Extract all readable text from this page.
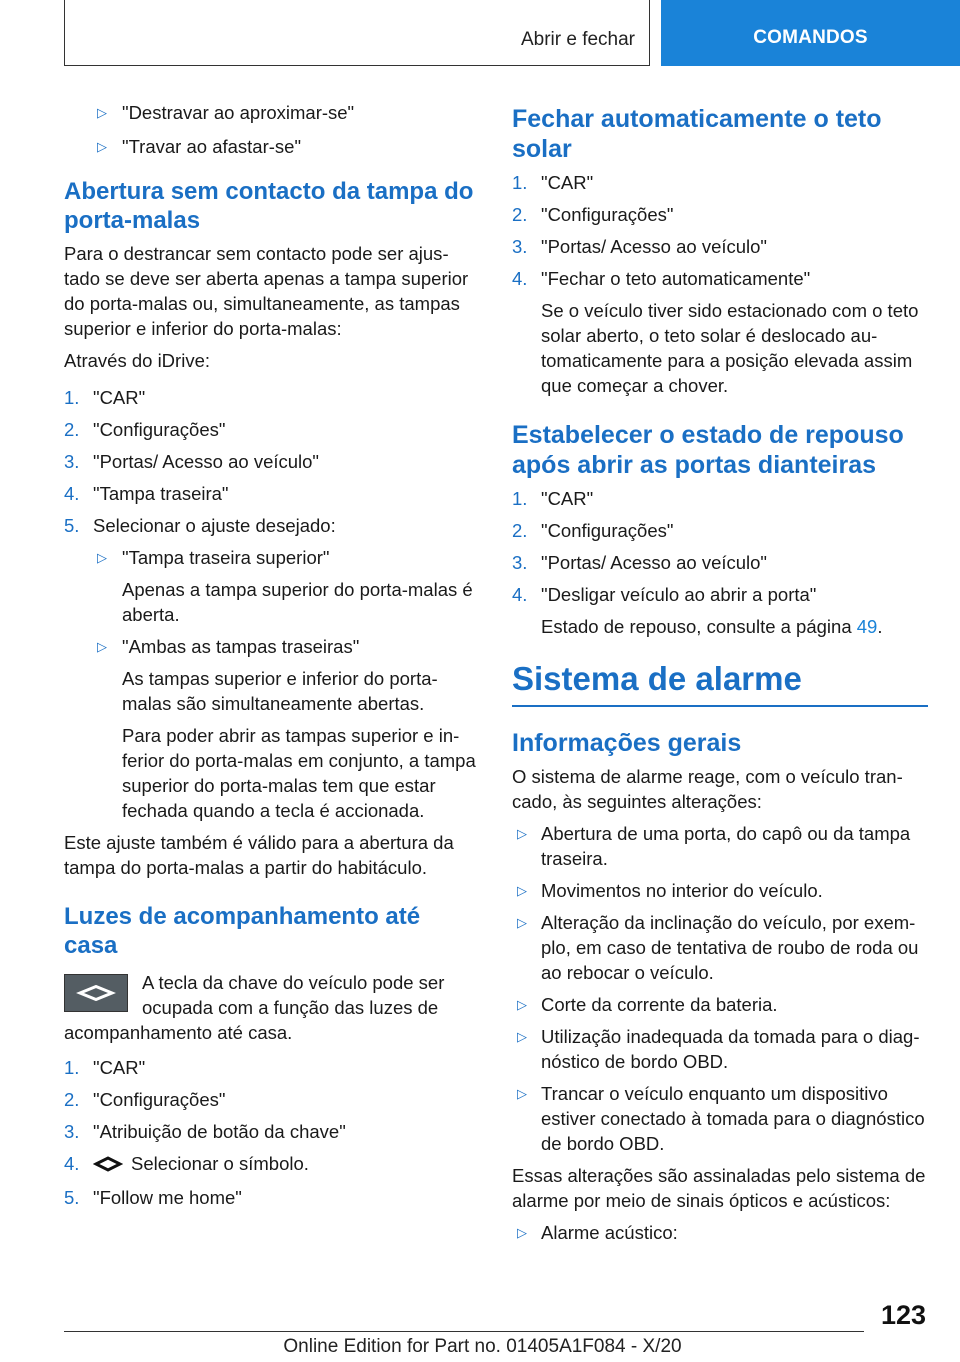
Abrir e fechar	COMANDOS
▷ "Destravar ao aproximar-se"
▷ "Travar ao afastar-se"
Abertura sem contacto da tampa do porta-malas

Para o destrancar sem contacto pode ser ajustado se deve ser aberta apenas a tampa superior do porta-malas ou, simultaneamente, as tampas superior e inferior do porta-malas:

Através do iDrive:

1. "CAR"
2. "Configurações"
3. "Portas/ Acesso ao veículo"
4. "Tampa traseira"
5. Selecionar o ajuste desejado:
▷ "Tampa traseira superior"
Apenas a tampa superior do porta-malas é aberta.
▷ "Ambas as tampas traseiras"
As tampas superior e inferior do porta-malas são simultaneamente abertas.
Para poder abrir as tampas superior e inferior do porta-malas em conjunto, a tampa superior do porta-malas tem que estar fechada quando a tecla é accionada.

Este ajuste também é válido para a abertura da tampa do porta-malas a partir do habitáculo.

Luzes de acompanhamento até casa

A tecla da chave do veículo pode ser ocupada com a função das luzes de acompanhamento até casa.

1. "CAR"
2. "Configurações"
3. "Atribuição de botão da chave"
4.	Selecionar o símbolo.
5. "Follow me home"
Fechar automaticamente o teto solar
1. "CAR"
2. "Configurações"
3. "Portas/ Acesso ao veículo"
4. "Fechar o teto automaticamente"
Se o veículo tiver sido estacionado com o teto solar aberto, o teto solar é deslocado automaticamente para a posição elevada assim que começar a chover.
Estabelecer o estado de repouso após abrir as portas dianteiras
1. "CAR"
2. "Configurações"
3. "Portas/ Acesso ao veículo"
4. "Desligar veículo ao abrir a porta"
Estado de repouso, consulte a página 49.
Sistema de alarme
Informações gerais

O sistema de alarme reage, com o veículo trancado, às seguintes alterações:

▷ Abertura de uma porta, do capô ou da tampa traseira.
▷ Movimentos no interior do veículo.
▷ Alteração da inclinação do veículo, por exemplo, em caso de tentativa de roubo de roda ou ao rebocar o veículo.
▷ Corte da corrente da bateria.
▷ Utilização inadequada da tomada para o diagnóstico de bordo OBD.
▷ Trancar o veículo enquanto um dispositivo estiver conectado à tomada para o diagnóstico de bordo OBD.

Essas alterações são assinaladas pelo sistema de alarme por meio de sinais ópticos e acústicos:

▷ Alarme acústico:
123
Online Edition for Part no. 01405A1F084 - X/20
